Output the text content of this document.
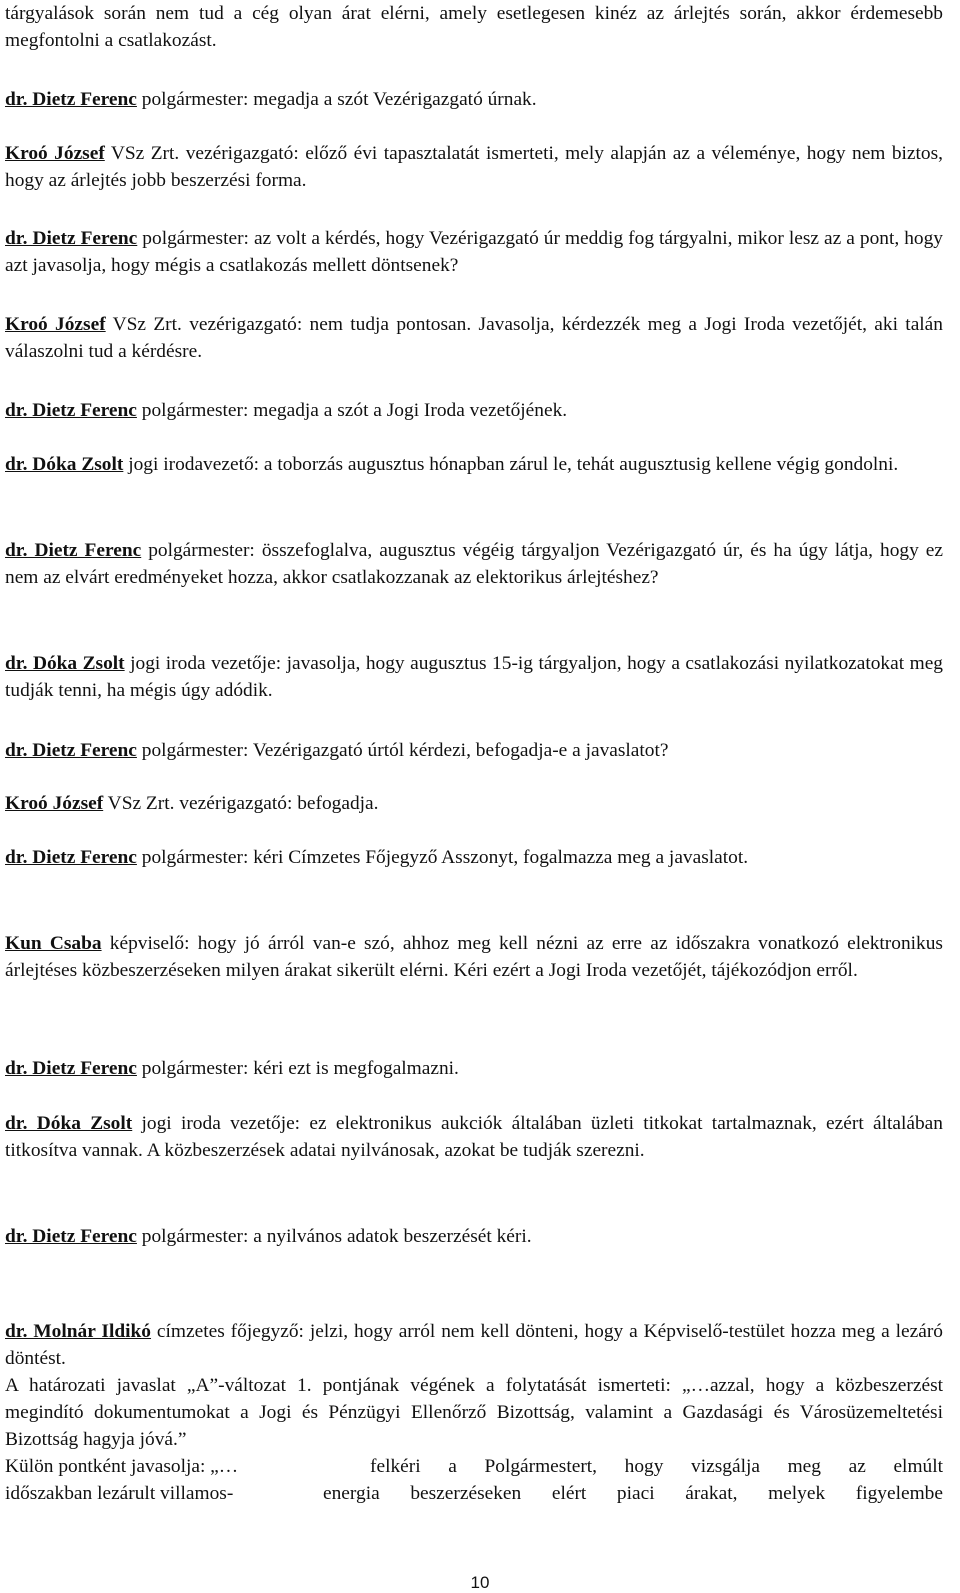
tárgyalások során nem tud a cég olyan árat elérni, amely esetlegesen kinéz az árlejtés során, akkor érdemesebb megfontolni a csatlakozást.

dr. Dietz Ferenc polgármester: megadja a szót Vezérigazgató úrnak.

Kroó József VSz Zrt. vezérigazgató: előző évi tapasztalatát ismerteti, mely alapján az a véleménye, hogy nem biztos, hogy az árlejtés jobb beszerzési forma.

dr. Dietz Ferenc polgármester: az volt a kérdés, hogy Vezérigazgató úr meddig fog tárgyalni, mikor lesz az a pont, hogy azt javasolja, hogy mégis a csatlakozás mellett döntsenek?

Kroó József VSz Zrt. vezérigazgató: nem tudja pontosan. Javasolja, kérdezzék meg a Jogi Iroda vezetőjét, aki talán válaszolni tud a kérdésre.

dr. Dietz Ferenc polgármester: megadja a szót a Jogi Iroda vezetőjének.

dr. Dóka Zsolt jogi irodavezető: a toborzás augusztus hónapban zárul le, tehát augusztusig kellene végig gondolni.

dr. Dietz Ferenc polgármester: összefoglalva, augusztus végéig tárgyaljon Vezérigazgató úr, és ha úgy látja, hogy ez nem az elvárt eredményeket hozza, akkor csatlakozzanak az elektorikus árlejtéshez?

dr. Dóka Zsolt jogi iroda vezetője: javasolja, hogy augusztus 15-ig tárgyaljon, hogy a csatlakozási nyilatkozatokat meg tudják tenni, ha mégis úgy adódik.

dr. Dietz Ferenc polgármester: Vezérigazgató úrtól kérdezi, befogadja-e a javaslatot?

Kroó József VSz Zrt. vezérigazgató: befogadja.

dr. Dietz Ferenc polgármester: kéri Címzetes Főjegyző Asszonyt, fogalmazza meg a javaslatot.

Kun Csaba képviselő: hogy jó árról van-e szó, ahhoz meg kell nézni az erre az időszakra vonatkozó elektronikus árlejtéses közbeszerzéseken milyen árakat sikerült elérni. Kéri ezért a Jogi Iroda vezetőjét, tájékozódjon erről.

dr. Dietz Ferenc polgármester: kéri ezt is megfogalmazni.

dr. Dóka Zsolt jogi iroda vezetője: ez elektronikus aukciók általában üzleti titkokat tartalmaznak, ezért általában titkosítva vannak. A közbeszerzések adatai nyilvánosak, azokat be tudják szerezni.

dr. Dietz Ferenc polgármester: a nyilvános adatok beszerzését kéri.

dr. Molnár Ildikó címzetes főjegyző: jelzi, hogy arról nem kell dönteni, hogy a Képviselő-testület hozza meg a lezáró döntést.

A határozati javaslat „A”-változat 1. pontjának végének a folytatását ismerteti: „…azzal, hogy a közbeszerzést megindító dokumentumokat a Jogi és Pénzügyi Ellenőrző Bizottság, valamint a Gazdasági és Városüzemeltetési Bizottság hagyja jóvá.”

Külön pontként javasolja: „…	felkéri a Polgármestert, hogy vizsgálja meg az elmúlt
időszakban lezárult villamos-	energia beszerzéseken elért piaci árakat, melyek figyelembe
10
